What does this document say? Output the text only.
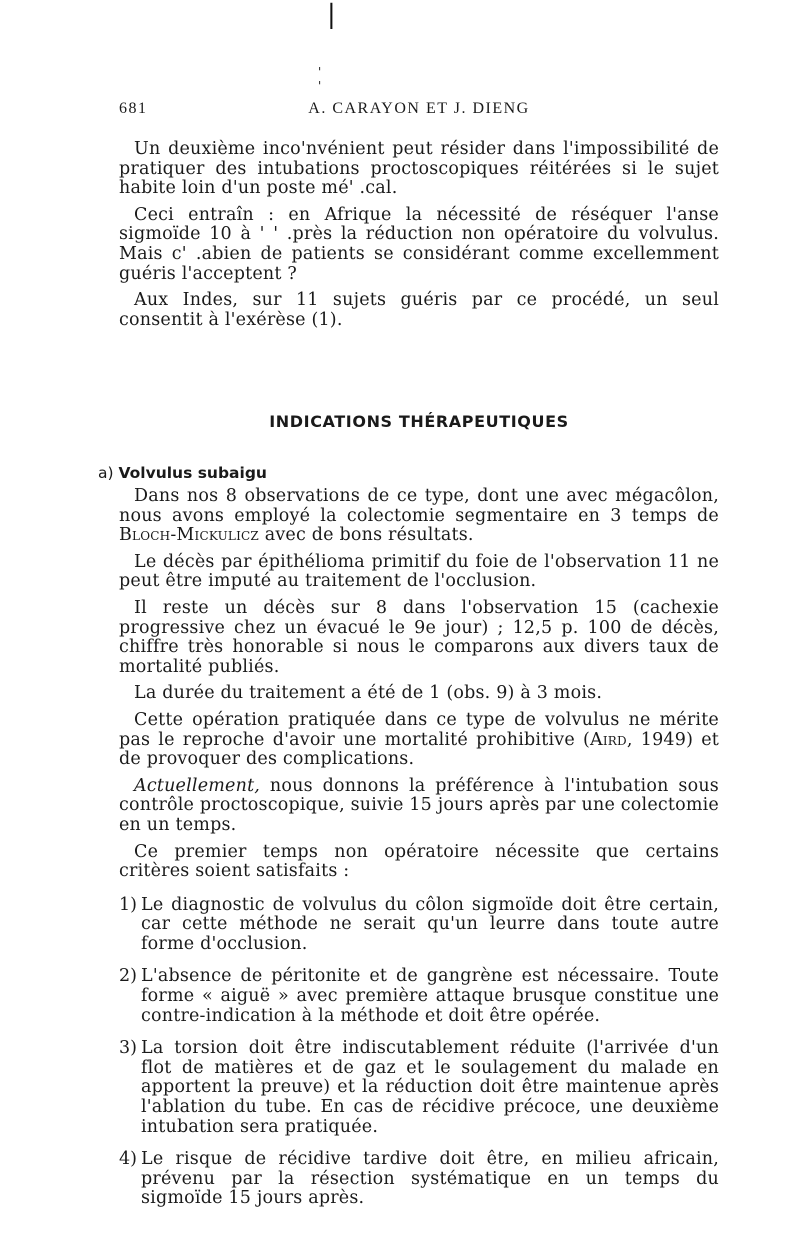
|
'
'
681	A. CARAYON ET J. DIENG

Un deuxième inco'nvénient peut résider dans l'impossibilité de pratiquer des intubations proctoscopiques réitérées si le sujet habite loin d'un poste mé' .cal.

Ceci entraîn : en Afrique la nécessité de réséquer l'anse sigmoïde 10 à ' ' .près la réduction non opératoire du volvulus. Mais c' .abien de patients se considérant comme excellemment guéris l'acceptent ?

Aux Indes, sur 11 sujets guéris par ce procédé, un seul consentit à l'exérèse (1).

INDICATIONS THÉRAPEUTIQUES
a) Volvulus subaigu

Dans nos 8 observations de ce type, dont une avec mégacôlon, nous avons employé la colectomie segmentaire en 3 temps de Bloch-Mickulicz avec de bons résultats.

Le décès par épithélioma primitif du foie de l'observation 11 ne peut être imputé au traitement de l'occlusion.

Il reste un décès sur 8 dans l'observation 15 (cachexie progressive chez un évacué le 9e jour) ; 12,5 p. 100 de décès, chiffre très honorable si nous le comparons aux divers taux de mortalité publiés.

La durée du traitement a été de 1 (obs. 9) à 3 mois.

Cette opération pratiquée dans ce type de volvulus ne mérite pas le reproche d'avoir une mortalité prohibitive (Aird, 1949) et de provoquer des complications.

Actuellement, nous donnons la préférence à l'intubation sous contrôle proctoscopique, suivie 15 jours après par une colectomie en un temps.

Ce premier temps non opératoire nécessite que certains critères soient satisfaits :

1) Le diagnostic de volvulus du côlon sigmoïde doit être certain, car cette méthode ne serait qu'un leurre dans toute autre forme d'occlusion.

2) L'absence de péritonite et de gangrène est nécessaire. Toute forme « aiguë » avec première attaque brusque constitue une contre-indication à la méthode et doit être opérée.

3) La torsion doit être indiscutablement réduite (l'arrivée d'un flot de matières et de gaz et le soulagement du malade en apportent la preuve) et la réduction doit être maintenue après l'ablation du tube. En cas de récidive précoce, une deuxième intubation sera pratiquée.

4) Le risque de récidive tardive doit être, en milieu africain, prévenu par la résection systématique en un temps du sigmoïde 15 jours après.
